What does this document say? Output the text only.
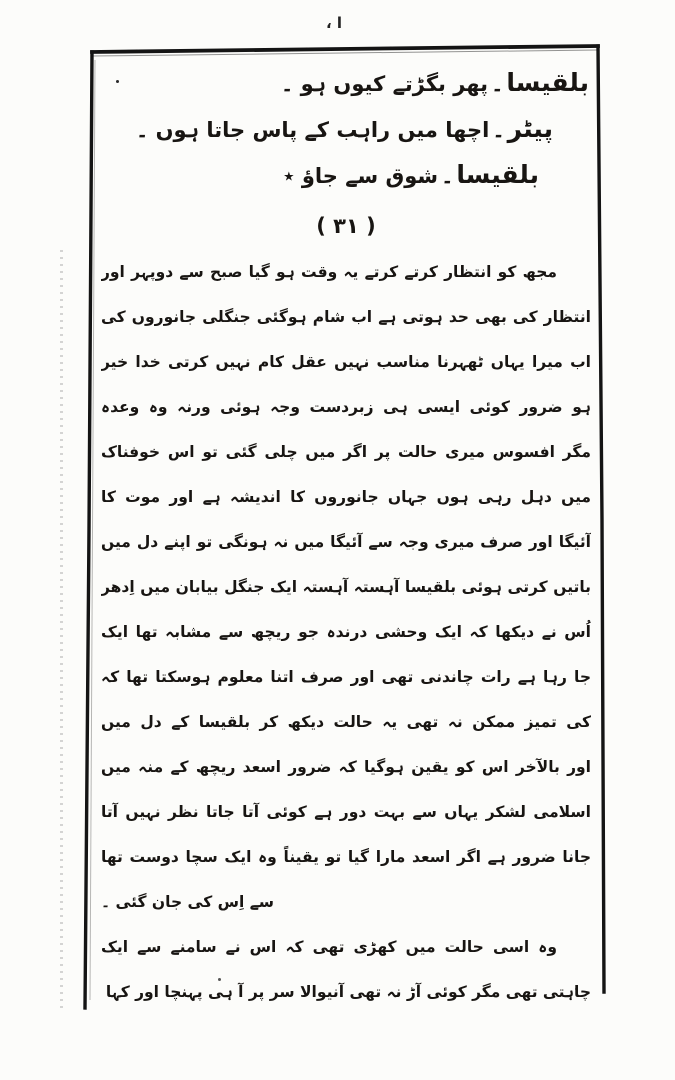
، ا
بلقیسا۔پھر بگڑتے کیوں ہو ۔
پیٹر۔اچھا میں راہب کے پاس جاتا ہوں ۔
بلقیسا۔شوق سے جاؤ ٭
( ۳۱ )
مجھ کو انتظار کرتے کرتے یہ وقت ہو گیا صبح سے دوپہر اور
انتظار کی بھی حد ہوتی ہے اب شام ہوگئی جنگلی جانوروں کی
اب میرا یہاں ٹھہرنا مناسب نہیں عقل کام نہیں کرتی خدا خیر
ہو ضرور کوئی ایسی ہی زبردست وجہ ہوئی ورنہ وہ وعدہ
مگر افسوس میری حالت پر اگر میں چلی گئی تو اس خوفناک
میں دہل رہی ہوں جہاں جانوروں کا اندیشہ ہے اور موت کا
آئیگا اور صرف میری وجہ سے آئیگا میں نہ ہونگی تو اپنے دل میں
باتیں کرتی ہوئی بلقیسا آہستہ آہستہ ایک جنگل بیابان میں اِدھر
اُس نے دیکھا کہ ایک وحشی درندہ جو ریچھ سے مشابہ تھا ایک
جا رہا ہے رات چاندنی تھی اور صرف اتنا معلوم ہوسکتا تھا کہ
کی تمیز ممکن نہ تھی یہ حالت دیکھ کر بلقیسا کے دل میں
اور بالآخر اس کو یقین ہوگیا کہ ضرور اسعد ریچھ کے منہ میں
اسلامی لشکر یہاں سے بہت دور ہے کوئی آتا جاتا نظر نہیں آتا
جانا ضرور ہے اگر اسعد مارا گیا تو یقیناً وہ ایک سچا دوست تھا
سے اِس کی جان گئی ۔
وہ اسی حالت میں کھڑی تھی کہ اس نے سامنے سے ایک
چاہتی تھی مگر کوئی آڑ نہ تھی آنیوالا سر پر آ ہی پہنچا اور کہا
